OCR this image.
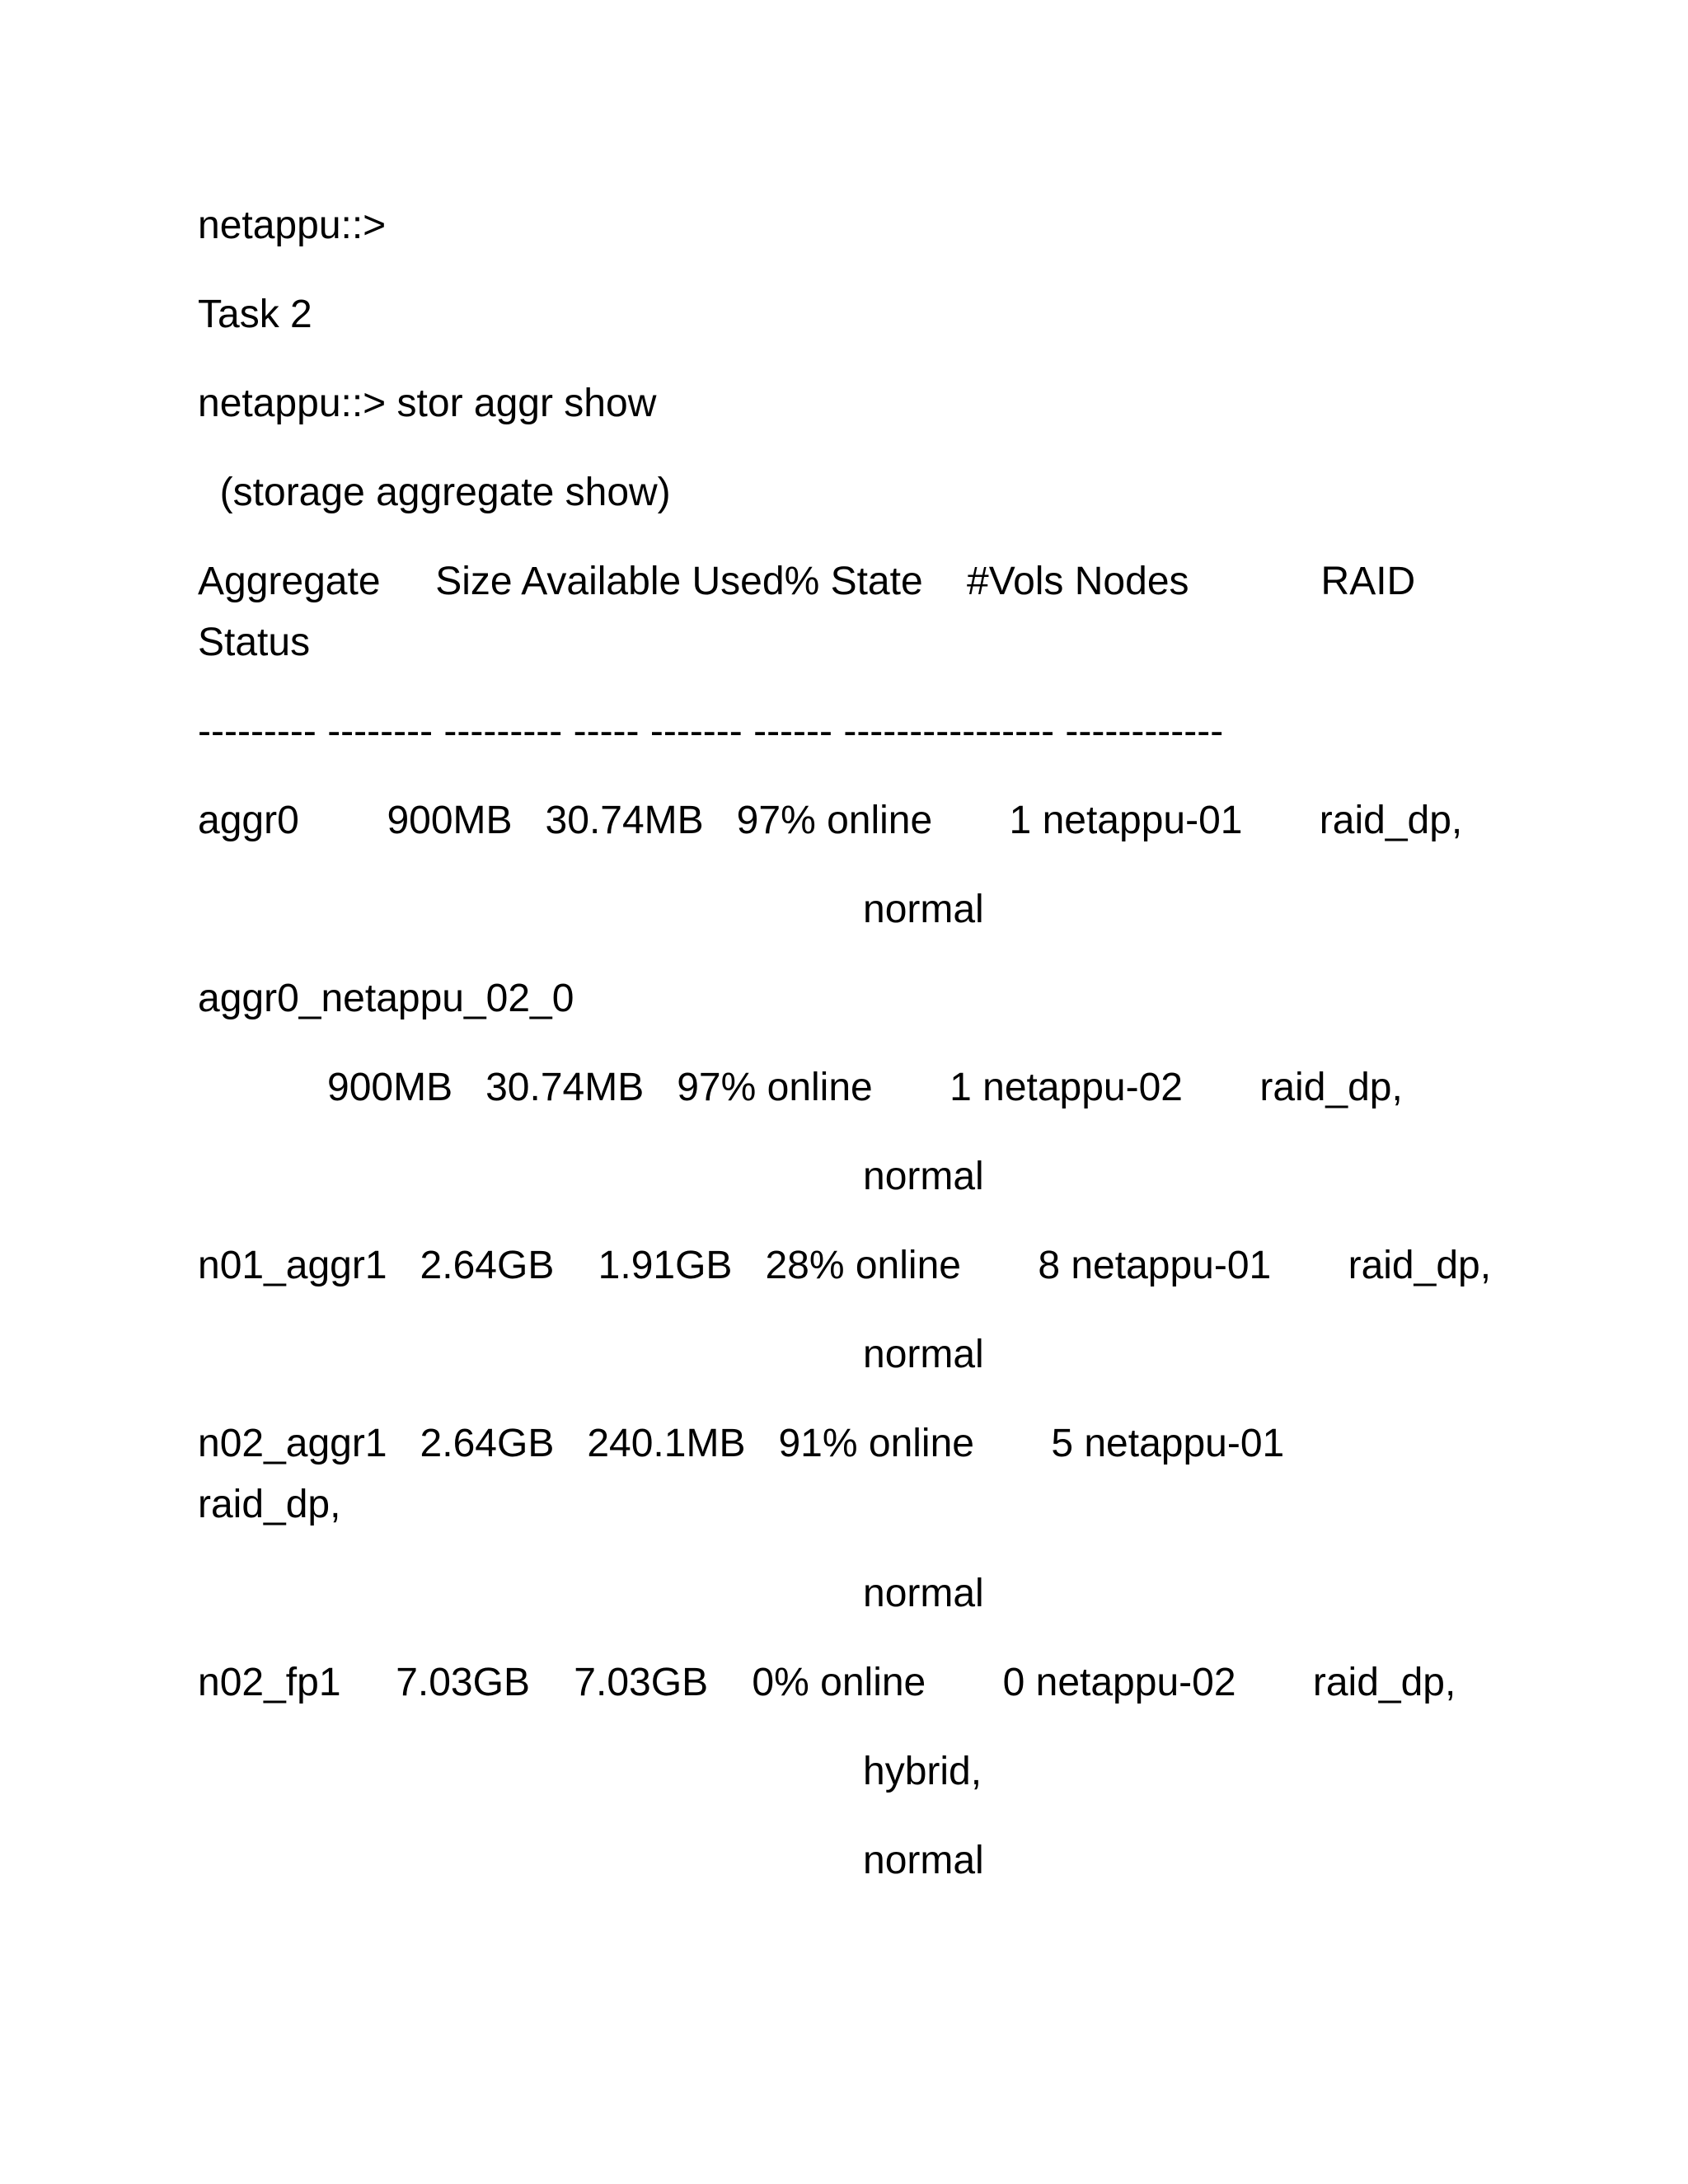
netappu::>

Task 2

netappu::> stor aggr show

(storage aggregate show)

Aggregate     Size Available Used% State    #Vols Nodes            RAID

Status

--------- -------- --------- ----- ------- ------ ---------------- ------------

aggr0        900MB   30.74MB   97% online       1 netappu-01       raid_dp,

normal

aggr0_netappu_02_0

900MB   30.74MB   97% online       1 netappu-02       raid_dp,

normal

n01_aggr1   2.64GB    1.91GB   28% online       8 netappu-01       raid_dp,

normal

n02_aggr1   2.64GB   240.1MB   91% online       5 netappu-01

raid_dp,

normal

n02_fp1     7.03GB    7.03GB    0% online       0 netappu-02       raid_dp,

hybrid,

normal
